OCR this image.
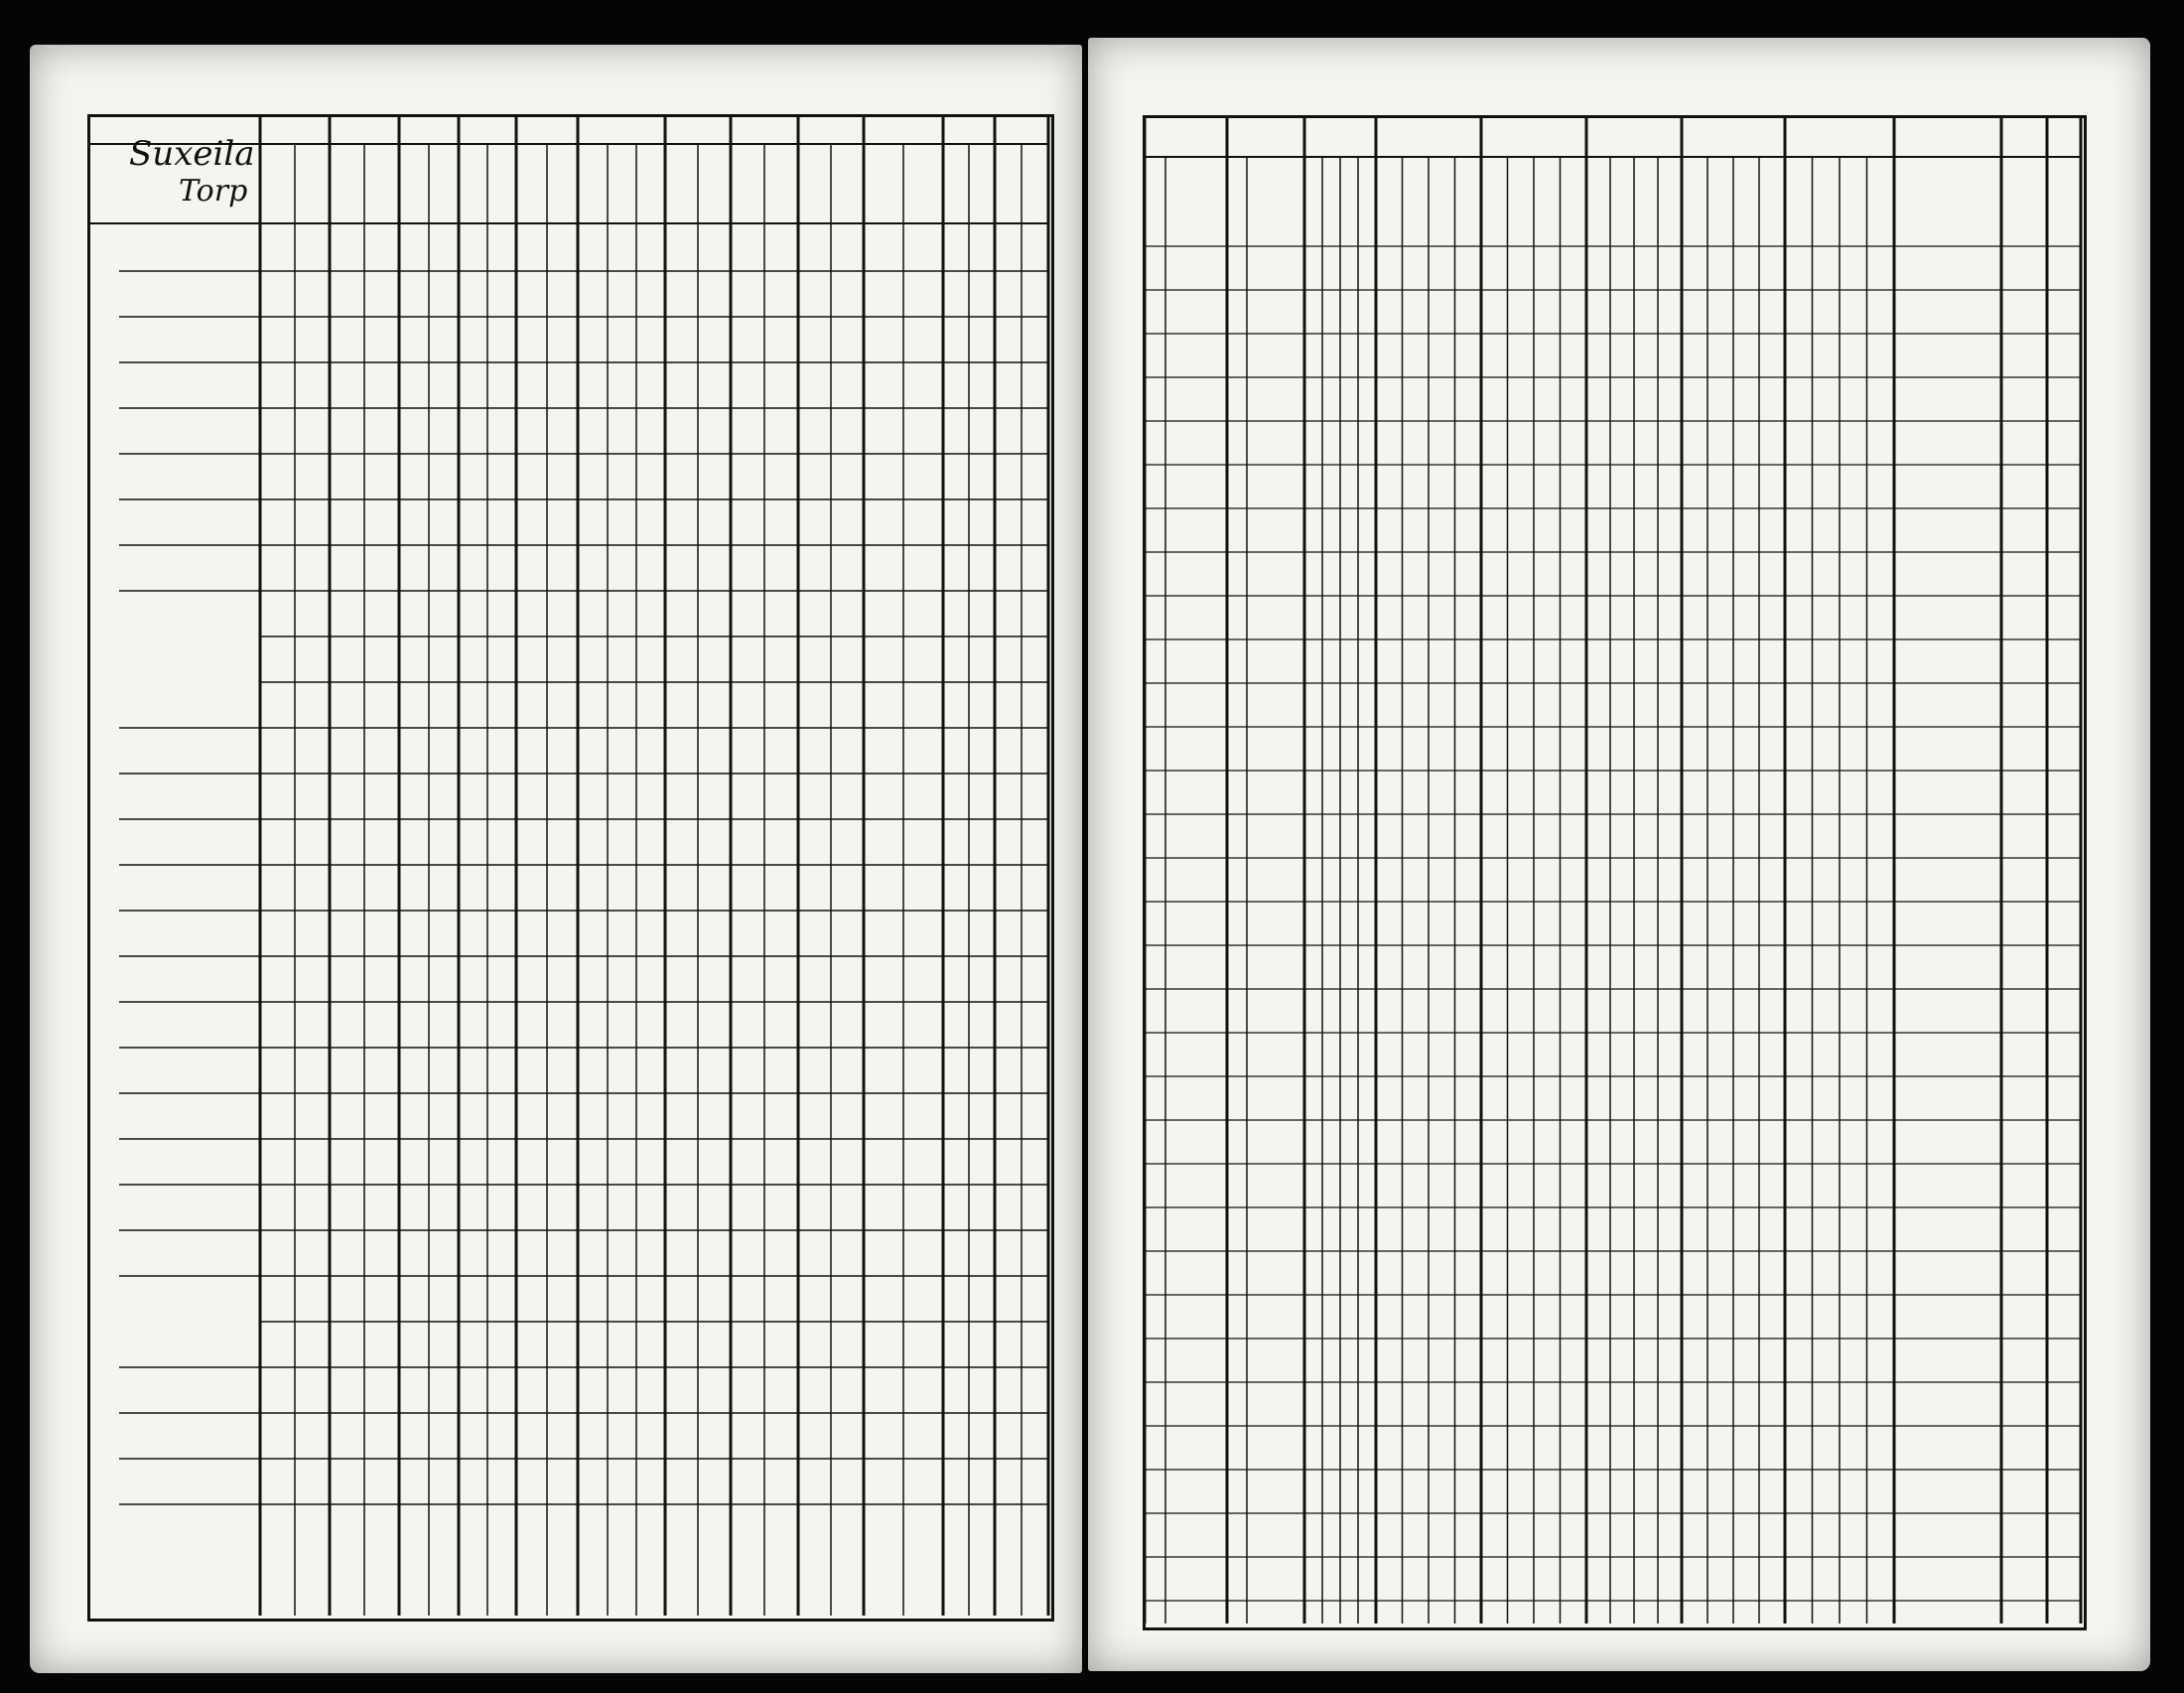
Suxeila
Torp
